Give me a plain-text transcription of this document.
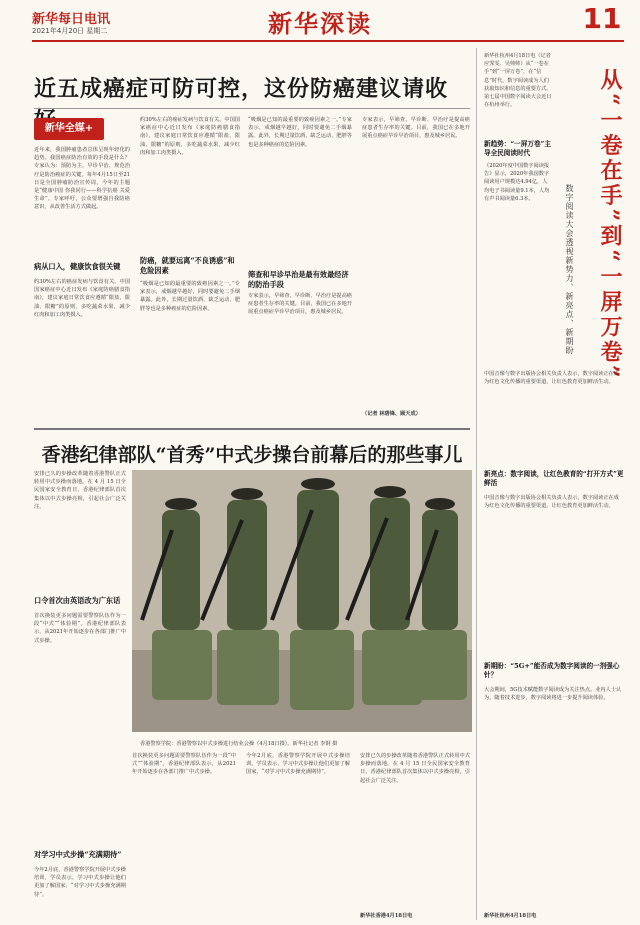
新华每日电讯
2021年4月20日 星期二	新华深读	11
近五成癌症可防可控，这份防癌建议请收
新华全媒+
近年来，我国肿瘤患者总体呈现年轻化的趋势。我国癌症防治有效的手段是什么？专家认为：预防为主，早诊早治、规范治疗是防治癌症的关键。每年4月15日至21日是全国肿瘤防治宣传周，今年的主题是“健康中国 你我同行——科学抗癌 关爱生命”。专家呼吁，公众要增强自我防癌意识，从改善生活方式做起。
病从口入，健康饮食很关键
约30%左右的癌症发病与饮食有关。中国国家癌症中心近日发布《家庭防癌膳食指南》，建议家庭日常饮食应遵循“限盐、限油、限糖”的原则，多吃蔬菜水果，减少红肉和加工肉类摄入。
约30%左右的癌症发病与饮食有关。中国国家癌症中心近日发布《家庭防癌膳食指南》，建议家庭日常饮食应遵循“限盐、限油、限糖”的原则，多吃蔬菜水果，减少红肉和加工肉类摄入。
防癌，就要远离“不良诱惑”和危险因素
“吸烟是已知的最重要的致癌因素之一。”专家表示，戒烟越早越好，同时要避免二手烟暴露。此外，长期过量饮酒、缺乏运动、肥胖等也是多种癌症的危险因素。
“吸烟是已知的最重要的致癌因素之一。”专家表示，戒烟越早越好，同时要避免二手烟暴露。此外，长期过量饮酒、缺乏运动、肥胖等也是多种癌症的危险因素。
筛查和早诊早治是最有效最经济的防治手段
专家表示，早筛查、早诊断、早治疗是提高癌症患者生存率的关键。目前，我国已在多地开展重点癌症早诊早治项目，惠及城乡居民。
专家表示，早筛查、早诊断、早治疗是提高癌症患者生存率的关键。目前，我国已在多地开展重点癌症早诊早治项目，惠及城乡居民。
（记者 林碧锋、顾天成）
香港纪律部队“首秀”中式步操台前幕后的那些事儿
安排已久的步操改革随着香港警队正式转用中式步操而落地。在 4 月 15 日全民国家安全教育日，香港纪律部队首次集体以中式步操亮相，引起社会广泛关注。
口令首次由英语改为广东话
首次换装更多问题需要警察队伍作为一段“中式”“体验期”。香港纪律部队表示，从2021年开始逐步在各部门推广中式步操。
对学习中式步操“充满期待”
今年2月底，香港警察学院开展中式步操培训，学员表示，学习中式步操让他们更加了解国家，“对学习中式步操充满期待”。
香港警察学院：香港警察以中式步操进行结业会操（4月18日摄）。新华社记者 李钢 摄
首次换装更多问题需要警察队伍作为一段“中式”“体验期”。香港纪律部队表示，从2021年开始逐步在各部门推广中式步操。
今年2月底，香港警察学院开展中式步操培训，学员表示，学习中式步操让他们更加了解国家，“对学习中式步操充满期待”。
安排已久的步操改革随着香港警队正式转用中式步操而落地。在 4 月 15 日全民国家安全教育日，香港纪律部队首次集体以中式步操亮相，引起社会广泛关注。
新华社香港4月18日电
从“一卷在手”到“一屏万卷”
数字阅读大会透视新势力、新亮点、新期盼
新华社杭州4月18日电（记者 应霁雯、吴帅帅）从“一卷在手”到“一屏万卷”，在“信息”时代，数字阅读成为人们获取知识和信息的重要方式。第七届中国数字阅读大会近日在杭州举行。
新趋势：“一屏万卷”主导全民阅读时代
《2020年度中国数字阅读报告》显示，2020年我国数字阅读用户规模达4.94亿，人均电子书阅读量9.1本，人均有声书阅读量6.3本。
中国音像与数字出版协会相关负责人表示，数字阅读正在成为红色文化传播的重要渠道，让红色教育更加鲜活生动。
新亮点：数字阅读，让红色教育的“打开方式”更鲜活
中国音像与数字出版协会相关负责人表示，数字阅读正在成为红色文化传播的重要渠道，让红色教育更加鲜活生动。
新期盼：“5G+”能否成为数字阅读的一剂强心针？
大会期间，5G技术赋能数字阅读成为关注热点。业内人士认为，随着技术进步，数字阅读将进一步提升阅读体验。
新华社杭州4月18日电
